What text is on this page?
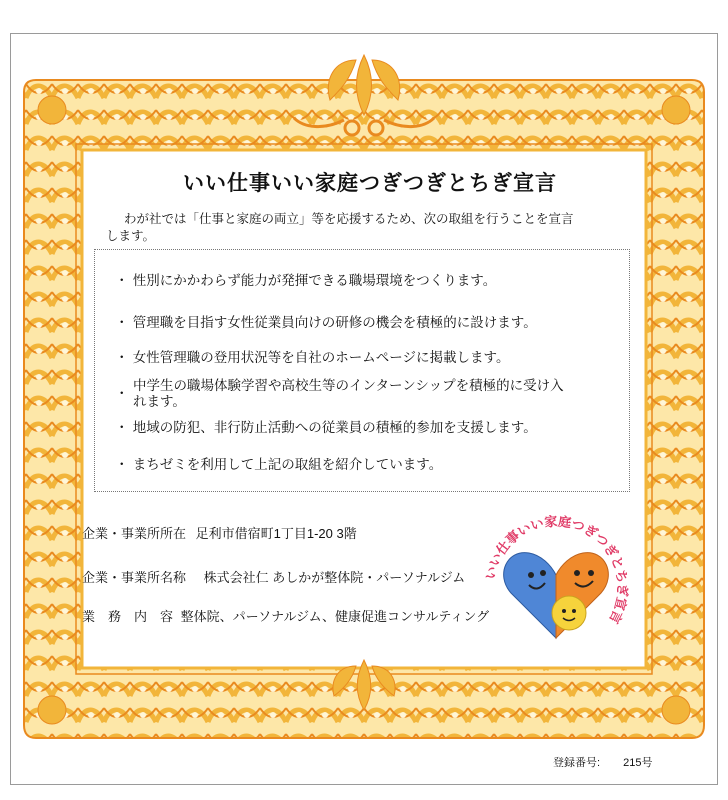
いい仕事いい家庭つぎつぎとちぎ宣言
わが社では「仕事と家庭の両立」等を応援するため、次の取組を行うことを宣言
します。
・ 性別にかかわらず能力が発揮できる職場環境をつくります。
・ 管理職を目指す女性従業員向けの研修の機会を積極的に設けます。
・ 女性管理職の登用状況等を自社のホームページに掲載します。
・ 中学生の職場体験学習や高校生等のインターンシップを積極的に受け入
れます。
・ 地域の防犯、非行防止活動への従業員の積極的参加を支援します。
・ まちゼミを利用して上記の取組を紹介しています。
企業・事業所所在 足利市借宿町1丁目1-20 3階
企業・事業所名称 株式会社仁 あしかが整体院・パーソナルジム
業　務　内　容 整体院、パーソナルジム、健康促進コンサルティング
いい仕事いい家庭つぎつぎとちぎ宣言
登録番号: 215号
